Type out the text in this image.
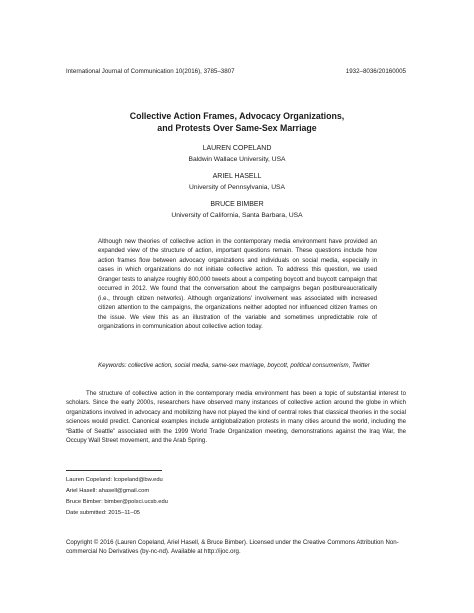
International Journal of Communication 10(2016), 3785–3807	1932–8036/20160005
Collective Action Frames, Advocacy Organizations,
and Protests Over Same-Sex Marriage
LAUREN COPELAND
Baldwin Wallace University, USA
ARIEL HASELL
University of Pennsylvania, USA
BRUCE BIMBER
University of California, Santa Barbara, USA

Although new theories of collective action in the contemporary media environment have provided an expanded view of the structure of action, important questions remain. These questions include how action frames flow between advocacy organizations and individuals on social media, especially in cases in which organizations do not initiate collective action. To address this question, we used Granger tests to analyze roughly 800,000 tweets about a competing boycott and buycott campaign that occurred in 2012. We found that the conversation about the campaigns began postbureaucratically (i.e., through citizen networks). Although organizations' involvement was associated with increased citizen attention to the campaigns, the organizations neither adopted nor influenced citizen frames on the issue. We view this as an illustration of the variable and sometimes unpredictable role of organizations in communication about collective action today.

Keywords: collective action, social media, same-sex marriage, boycott, political consumerism, Twitter
The structure of collective action in the contemporary media environment has been a topic of substantial interest to scholars. Since the early 2000s, researchers have observed many instances of collective action around the globe in which organizations involved in advocacy and mobilizing have not played the kind of central roles that classical theories in the social sciences would predict. Canonical examples include antiglobalization protests in many cities around the world, including the “Battle of Seattle” associated with the 1999 World Trade Organization meeting, demonstrations against the Iraq War, the Occupy Wall Street movement, and the Arab Spring.
Lauren Copeland: lcopeland@bw.edu
Ariel Hasell: ahasell@gmail.com
Bruce Bimber: bimber@polsci.ucsb.edu
Date submitted: 2015–11–05
Copyright © 2016 (Lauren Copeland, Ariel Hasell, & Bruce Bimber). Licensed under the Creative Commons Attribution Non-commercial No Derivatives (by-nc-nd). Available at http://ijoc.org.
